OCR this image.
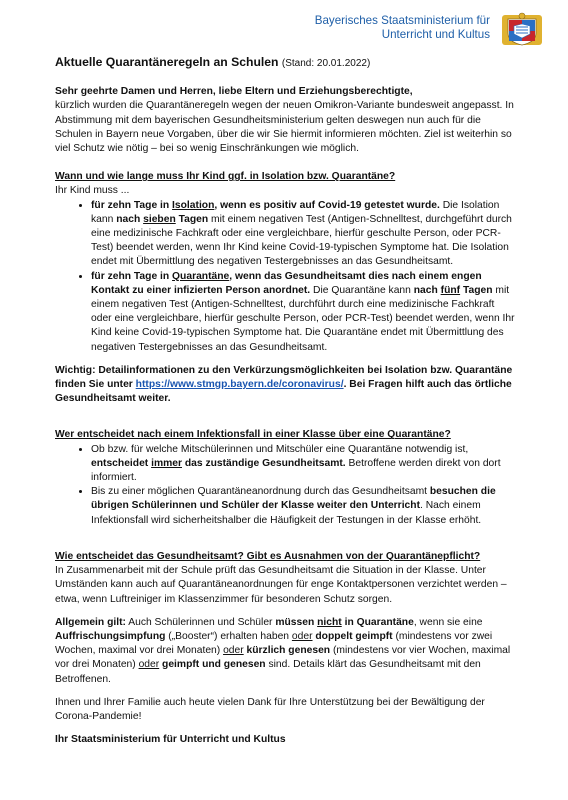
Bayerisches Staatsministerium für
Unterricht und Kultus
Aktuelle Quarantäneregeln an Schulen (Stand: 20.01.2022)

Sehr geehrte Damen und Herren, liebe Eltern und Erziehungsberechtigte,
kürzlich wurden die Quarantäneregeln wegen der neuen Omikron-Variante bundesweit angepasst. In Abstimmung mit dem bayerischen Gesundheitsministerium gelten deswegen nun auch für die Schulen in Bayern neue Vorgaben, über die wir Sie hiermit informieren möchten. Ziel ist weiterhin so viel Schutz wie nötig – bei so wenig Einschränkungen wie möglich.

Wann und wie lange muss Ihr Kind ggf. in Isolation bzw. Quarantäne?

Ihr Kind muss ...

• für zehn Tage in Isolation, wenn es positiv auf Covid-19 getestet wurde. Die Isolation kann nach sieben Tagen mit einem negativen Test (Antigen-Schnelltest, durchgeführt durch eine medizinische Fachkraft oder eine vergleichbare, hierfür geschulte Person, oder PCR-Test) beendet werden, wenn Ihr Kind keine Covid-19-typischen Symptome hat. Die Isolation endet mit Übermittlung des negativen Testergebnisses an das Gesundheitsamt.
• für zehn Tage in Quarantäne, wenn das Gesundheitsamt dies nach einem engen Kontakt zu einer infizierten Person anordnet. Die Quarantäne kann nach fünf Tagen mit einem negativen Test (Antigen-Schnelltest, durchführt durch eine medizinische Fachkraft oder eine vergleichbare, hierfür geschulte Person, oder PCR-Test) beendet werden, wenn Ihr Kind keine Covid-19-typischen Symptome hat. Die Quarantäne endet mit Übermittlung des negativen Testergebnisses an das Gesundheitsamt.

Wichtig: Detailinformationen zu den Verkürzungsmöglichkeiten bei Isolation bzw. Quarantäne finden Sie unter https://www.stmgp.bayern.de/coronavirus/. Bei Fragen hilft auch das örtliche Gesundheitsamt weiter.

Wer entscheidet nach einem Infektionsfall in einer Klasse über eine Quarantäne?

• Ob bzw. für welche Mitschülerinnen und Mitschüler eine Quarantäne notwendig ist, entscheidet immer das zuständige Gesundheitsamt. Betroffene werden direkt von dort informiert.
• Bis zu einer möglichen Quarantäneanordnung durch das Gesundheitsamt besuchen die übrigen Schülerinnen und Schüler der Klasse weiter den Unterricht. Nach einem Infektionsfall wird sicherheitshalber die Häufigkeit der Testungen in der Klasse erhöht.

Wie entscheidet das Gesundheitsamt? Gibt es Ausnahmen von der Quarantänepflicht?

In Zusammenarbeit mit der Schule prüft das Gesundheitsamt die Situation in der Klasse. Unter Umständen kann auch auf Quarantäneanordnungen für enge Kontaktpersonen verzichtet werden – etwa, wenn Luftreiniger im Klassenzimmer für besonderen Schutz sorgen.

Allgemein gilt: Auch Schülerinnen und Schüler müssen nicht in Quarantäne, wenn sie eine Auffrischungsimpfung („Booster“) erhalten haben oder doppelt geimpft (mindestens vor zwei Wochen, maximal vor drei Monaten) oder kürzlich genesen (mindestens vor vier Wochen, maximal vor drei Monaten) oder geimpft und genesen sind. Details klärt das Gesundheitsamt mit den Betroffenen.

Ihnen und Ihrer Familie auch heute vielen Dank für Ihre Unterstützung bei der Bewältigung der Corona-Pandemie!

Ihr Staatsministerium für Unterricht und Kultus
